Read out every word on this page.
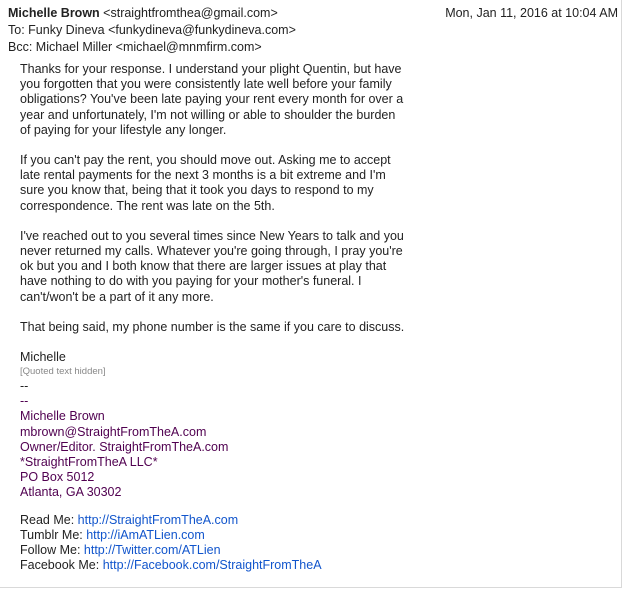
Michelle Brown <straightfromthea@gmail.com>
To: Funky Dineva <funkydineva@funkydineva.com>
Bcc: Michael Miller <michael@mnmfirm.com>
Mon, Jan 11, 2016 at 10:04 AM

Thanks for your response. I understand your plight Quentin, but have
you forgotten that you were consistently late well before your family
obligations? You've been late paying your rent every month for over a
year and unfortunately, I'm not willing or able to shoulder the burden
of paying for your lifestyle any longer.

If you can't pay the rent, you should move out. Asking me to accept
late rental payments for the next 3 months is a bit extreme and I'm
sure you know that, being that it took you days to respond to my
correspondence. The rent was late on the 5th.

I've reached out to you several times since New Years to talk and you
never returned my calls. Whatever you're going through, I pray you're
ok but you and I both know that there are larger issues at play that
have nothing to do with you paying for your mother's funeral. I
can't/won't be a part of it any more.

That being said, my phone number is the same if you care to discuss.

Michelle

[Quoted text hidden]

--

--

Michelle Brown

mbrown@StraightFromTheA.com

Owner/Editor. StraightFromTheA.com

*StraightFromTheA LLC*

PO Box 5012

Atlanta, GA 30302

Read Me: http://StraightFromTheA.com
Tumblr Me: http://iAmATLien.com
Follow Me: http://Twitter.com/ATLien
Facebook Me: http://Facebook.com/StraightFromTheA
